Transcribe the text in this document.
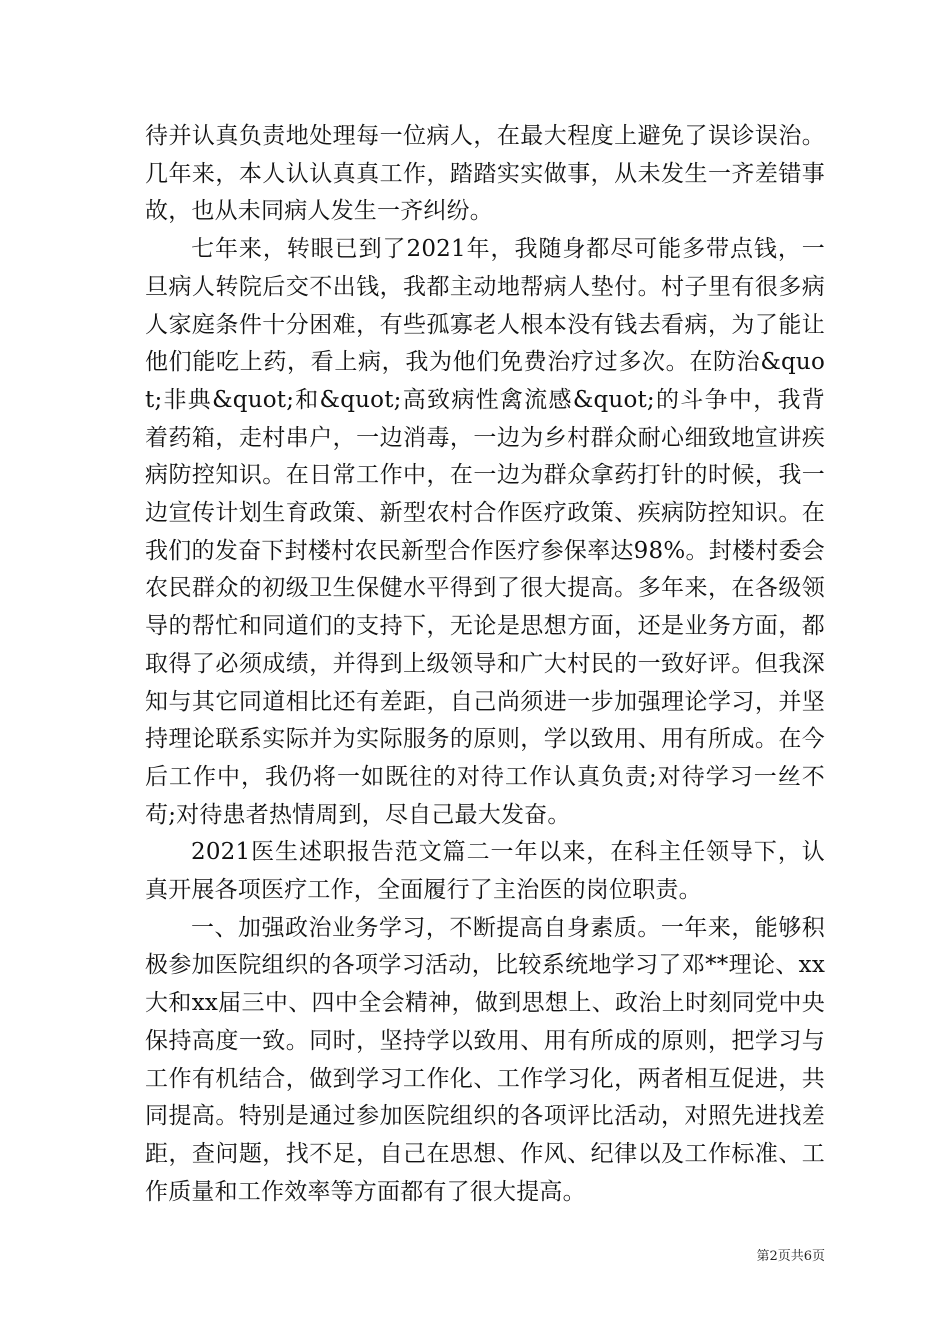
待并认真负责地处理每一位病人，在最大程度上避免了误诊误治。几年来，本人认认真真工作，踏踏实实做事，从未发生一齐差错事故，也从未同病人发生一齐纠纷。

七年来，转眼已到了2021年，我随身都尽可能多带点钱，一旦病人转院后交不出钱，我都主动地帮病人垫付。村子里有很多病人家庭条件十分困难，有些孤寡老人根本没有钱去看病，为了能让他们能吃上药，看上病，我为他们免费治疗过多次。在防治&quot;非典&quot;和&quot;高致病性禽流感&quot;的斗争中，我背着药箱，走村串户，一边消毒，一边为乡村群众耐心细致地宣讲疾病防控知识。在日常工作中，在一边为群众拿药打针的时候，我一边宣传计划生育政策、新型农村合作医疗政策、疾病防控知识。在我们的发奋下封楼村农民新型合作医疗参保率达98%。封楼村委会农民群众的初级卫生保健水平得到了很大提高。多年来，在各级领导的帮忙和同道们的支持下，无论是思想方面，还是业务方面，都取得了必须成绩，并得到上级领导和广大村民的一致好评。但我深知与其它同道相比还有差距，自己尚须进一步加强理论学习，并坚持理论联系实际并为实际服务的原则，学以致用、用有所成。在今后工作中，我仍将一如既往的对待工作认真负责;对待学习一丝不苟;对待患者热情周到，尽自己最大发奋。

2021医生述职报告范文篇二一年以来，在科主任领导下，认真开展各项医疗工作，全面履行了主治医的岗位职责。

一、加强政治业务学习，不断提高自身素质。一年来，能够积极参加医院组织的各项学习活动，比较系统地学习了邓**理论、xx大和xx届三中、四中全会精神，做到思想上、政治上时刻同党中央保持高度一致。同时，坚持学以致用、用有所成的原则，把学习与工作有机结合，做到学习工作化、工作学习化，两者相互促进，共同提高。特别是通过参加医院组织的各项评比活动，对照先进找差距，查问题，找不足，自己在思想、作风、纪律以及工作标准、工作质量和工作效率等方面都有了很大提高。

第2页共6页
